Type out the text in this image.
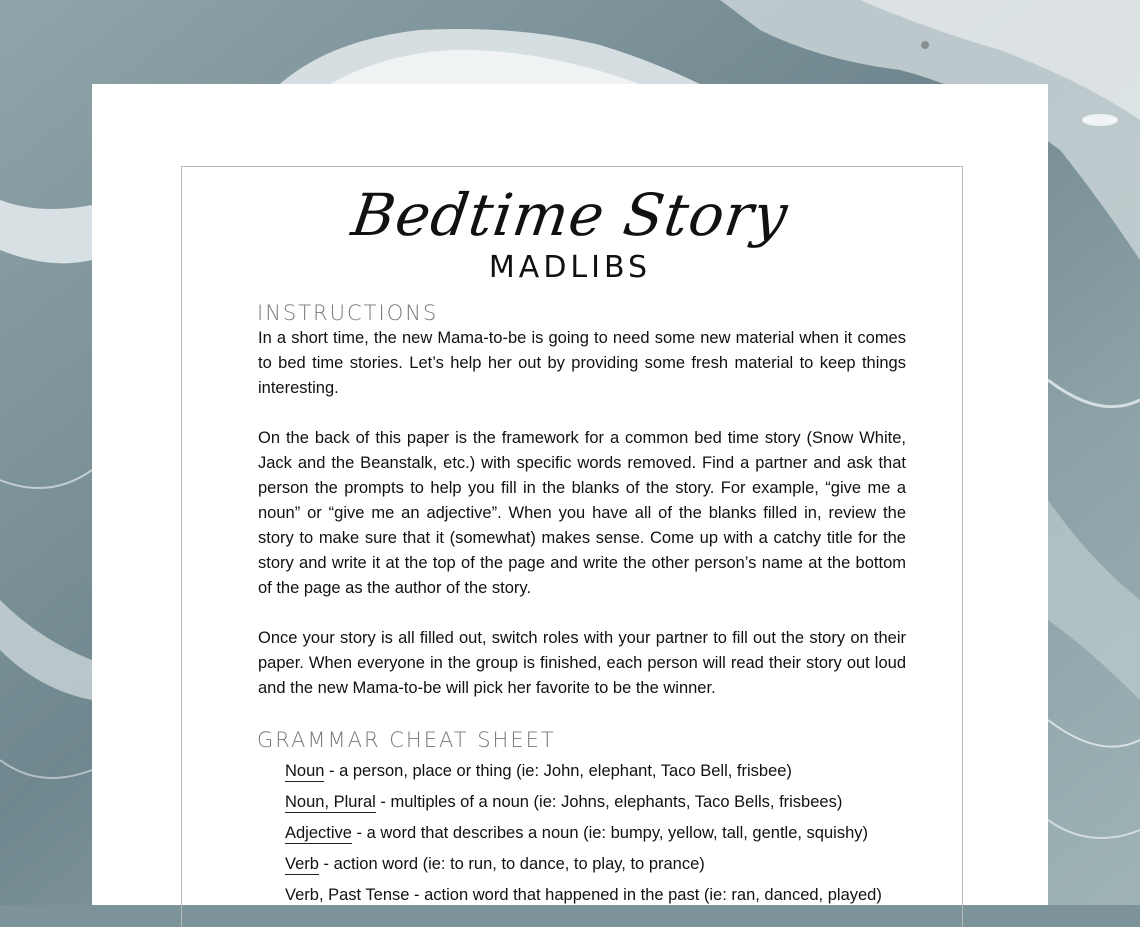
Bedtime Story
MADLIBS
INSTRUCTIONS

In a short time, the new Mama-to-be is going to need some new material when it comes to bed time stories. Let’s help her out by providing some fresh material to keep things interesting.

On the back of this paper is the framework for a common bed time story (Snow White, Jack and the Beanstalk, etc.) with specific words removed. Find a partner and ask that person the prompts to help you fill in the blanks of the story. For example, “give me a noun” or “give me an adjective”. When you have all of the blanks filled in, review the story to make sure that it (somewhat) makes sense. Come up with a catchy title for the story and write it at the top of the page and write the other person’s name at the bottom of the page as the author of the story.

Once your story is all filled out, switch roles with your partner to fill out the story on their paper. When everyone in the group is finished, each person will read their story out loud and the new Mama-to-be will pick her favorite to be the winner.

GRAMMAR CHEAT SHEET
Noun - a person, place or thing (ie: John, elephant, Taco Bell, frisbee)
Noun, Plural - multiples of a noun (ie: Johns, elephants, Taco Bells, frisbees)
Adjective - a word that describes a noun (ie: bumpy, yellow, tall, gentle, squishy)
Verb - action word (ie: to run, to dance, to play, to prance)
Verb, Past Tense - action word that happened in the past (ie: ran, danced, played)
